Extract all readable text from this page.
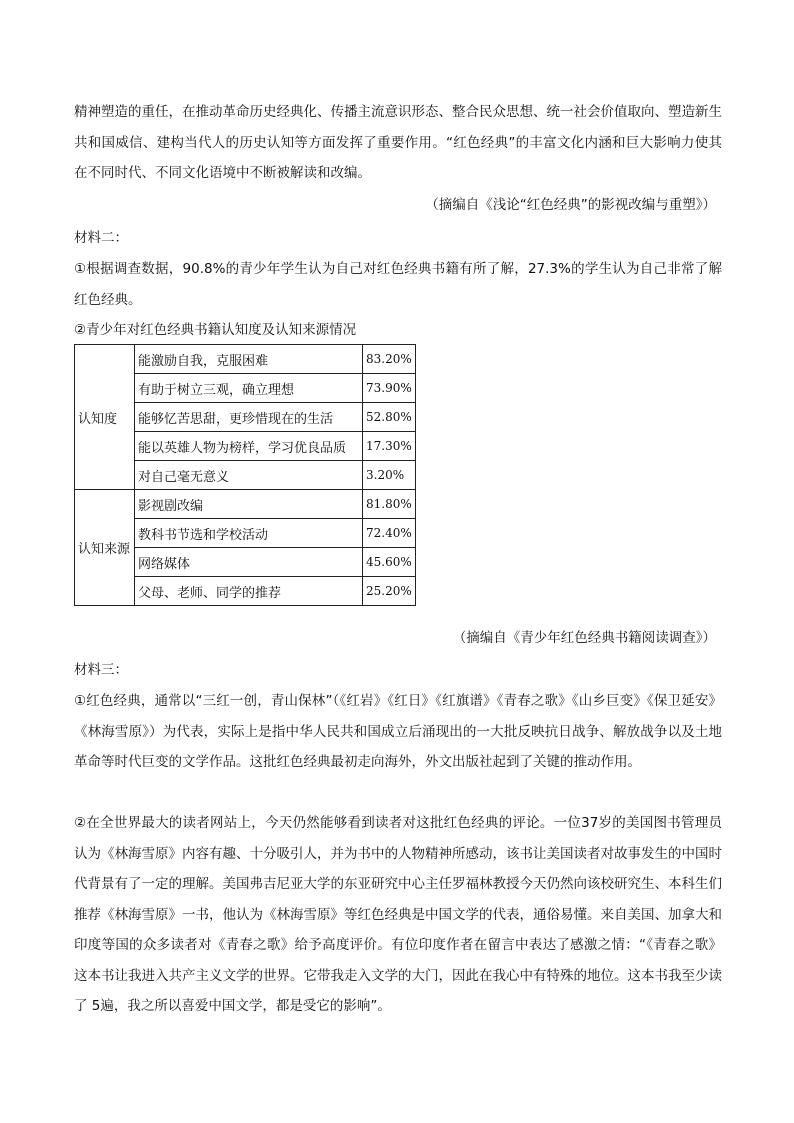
精神塑造的重任，在推动革命历史经典化、传播主流意识形态、整合民众思想、统一社会价值取向、塑造新生共和国威信、建构当代人的历史认知等方面发挥了重要作用。“红色经典”的丰富文化内涵和巨大影响力使其在不同时代、不同文化语境中不断被解读和改编。
（摘编自《浅论“红色经典”的影视改编与重塑》）
材料二：
①根据调查数据，90.8%的青少年学生认为自己对红色经典书籍有所了解，27.3%的学生认为自己非常了解红色经典。
②青少年对红色经典书籍认知度及认知来源情况
认知度	能激励自我，克服困难	83.20%
	有助于树立三观，确立理想	73.90%
	能够忆苦思甜，更珍惜现在的生活	52.80%
	能以英雄人物为榜样，学习优良品质	17.30%
	对自己毫无意义	3.20%
认知来源	影视剧改编	81.80%
	教科书节选和学校活动	72.40%
	网络媒体	45.60%
	父母、老师、同学的推荐	25.20%
（摘编自《青少年红色经典书籍阅读调查》）
材料三：
①红色经典，通常以“三红一创，青山保林”（《红岩》《红日》《红旗谱》《青春之歌》《山乡巨变》《保卫延安》《林海雪原》）为代表，实际上是指中华人民共和国成立后涌现出的一大批反映抗日战争、解放战争以及土地革命等时代巨变的文学作品。这批红色经典最初走向海外，外文出版社起到了关键的推动作用。
②在全世界最大的读者网站上，今天仍然能够看到读者对这批红色经典的评论。一位37岁的美国图书管理员认为《林海雪原》内容有趣、十分吸引人，并为书中的人物精神所感动，该书让美国读者对故事发生的中国时代背景有了一定的理解。美国弗吉尼亚大学的东亚研究中心主任罗福林教授今天仍然向该校研究生、本科生们推荐《林海雪原》一书，他认为《林海雪原》等红色经典是中国文学的代表，通俗易懂。来自美国、加拿大和印度等国的众多读者对《青春之歌》给予高度评价。有位印度作者在留言中表达了感激之情：“《青春之歌》这本书让我进入共产主义文学的世界。它带我走入文学的大门，因此在我心中有特殊的地位。这本书我至少读了 5遍，我之所以喜爱中国文学，都是受它的影响”。
